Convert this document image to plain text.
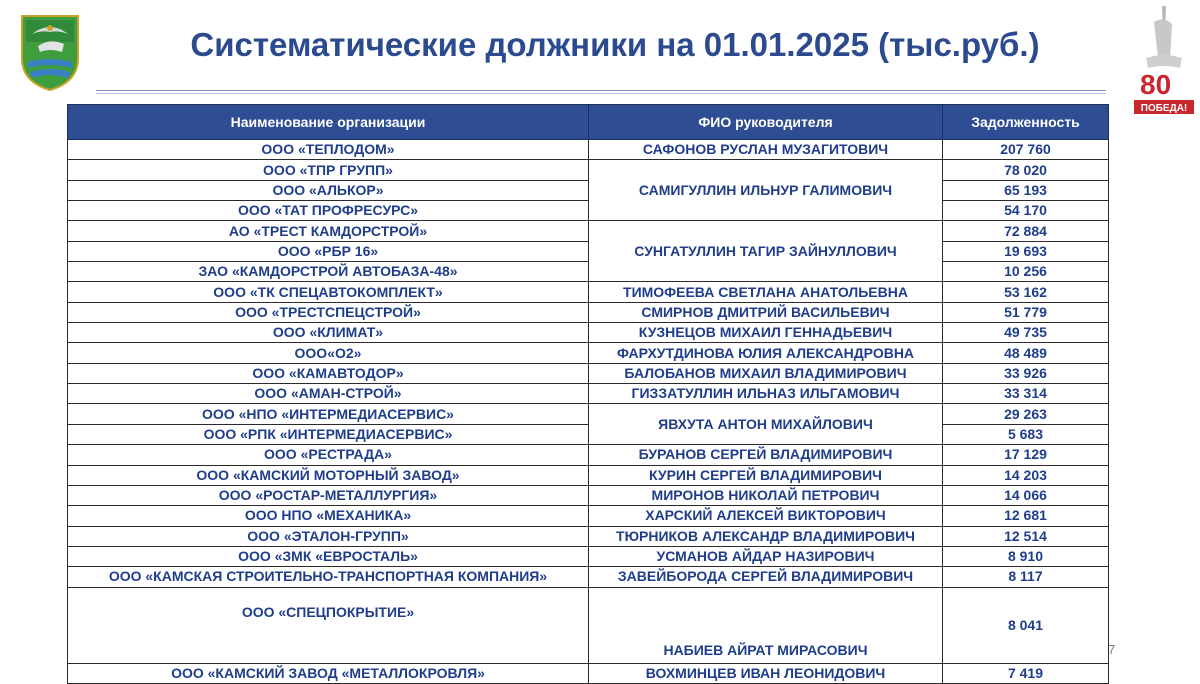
Систематические должники на 01.01.2025 (тыс.руб.)
80
ПОБЕДА!
Наименование организации	ФИО руководителя	Задолженность
ООО «ТЕПЛОДОМ»	САФОНОВ РУСЛАН МУЗАГИТОВИЧ	207 760
ООО «ТПР ГРУПП»	САМИГУЛЛИН ИЛЬНУР ГАЛИМОВИЧ	78 020
ООО «АЛЬКОР»		65 193
ООО «ТАТ ПРОФРЕСУРС»		54 170
АО «ТРЕСТ КАМДОРСТРОЙ»	СУНГАТУЛЛИН ТАГИР ЗАЙНУЛЛОВИЧ	72 884
ООО «РБР 16»		19 693
ЗАО «КАМДОРСТРОЙ АВТОБАЗА-48»		10 256
ООО «ТК СПЕЦАВТОКОМПЛЕКТ»	ТИМОФЕЕВА СВЕТЛАНА АНАТОЛЬЕВНА	53 162
ООО «ТРЕСТСПЕЦСТРОЙ»	СМИРНОВ ДМИТРИЙ ВАСИЛЬЕВИЧ	51 779
ООО «КЛИМАТ»	КУЗНЕЦОВ МИХАИЛ ГЕННАДЬЕВИЧ	49 735
ООО«О2»	ФАРХУТДИНОВА ЮЛИЯ АЛЕКСАНДРОВНА	48 489
ООО «КАМАВТОДОР»	БАЛОБАНОВ МИХАИЛ ВЛАДИМИРОВИЧ	33 926
ООО «АМАН-СТРОЙ»	ГИЗЗАТУЛЛИН ИЛЬНАЗ ИЛЬГАМОВИЧ	33 314
ООО «НПО «ИНТЕРМЕДИАСЕРВИС»	ЯВХУТА АНТОН МИХАЙЛОВИЧ	29 263
ООО «РПК «ИНТЕРМЕДИАСЕРВИС»		5 683
ООО «РЕСТРАДА»	БУРАНОВ СЕРГЕЙ ВЛАДИМИРОВИЧ	17 129
ООО «КАМСКИЙ МОТОРНЫЙ ЗАВОД»	КУРИН СЕРГЕЙ ВЛАДИМИРОВИЧ	14 203
ООО «РОСТАР-МЕТАЛЛУРГИЯ»	МИРОНОВ НИКОЛАЙ ПЕТРОВИЧ	14 066
ООО НПО «МЕХАНИКА»	ХАРСКИЙ АЛЕКСЕЙ ВИКТОРОВИЧ	12 681
ООО «ЭТАЛОН-ГРУПП»	ТЮРНИКОВ АЛЕКСАНДР ВЛАДИМИРОВИЧ	12 514
ООО «ЗМК «ЕВРОСТАЛЬ»	УСМАНОВ АЙДАР НАЗИРОВИЧ	8 910
ООО «КАМСКАЯ СТРОИТЕЛЬНО-ТРАНСПОРТНАЯ КОМПАНИЯ»	ЗАВЕЙБОРОДА СЕРГЕЙ ВЛАДИМИРОВИЧ	8 117
ООО «СПЕЦПОКРЫТИЕ»	НАБИЕВ АЙРАТ МИРАСОВИЧ	8 041
ООО «КАМСКИЙ ЗАВОД «МЕТАЛЛОКРОВЛЯ»	ВОХМИНЦЕВ ИВАН ЛЕОНИДОВИЧ	7 419
7
